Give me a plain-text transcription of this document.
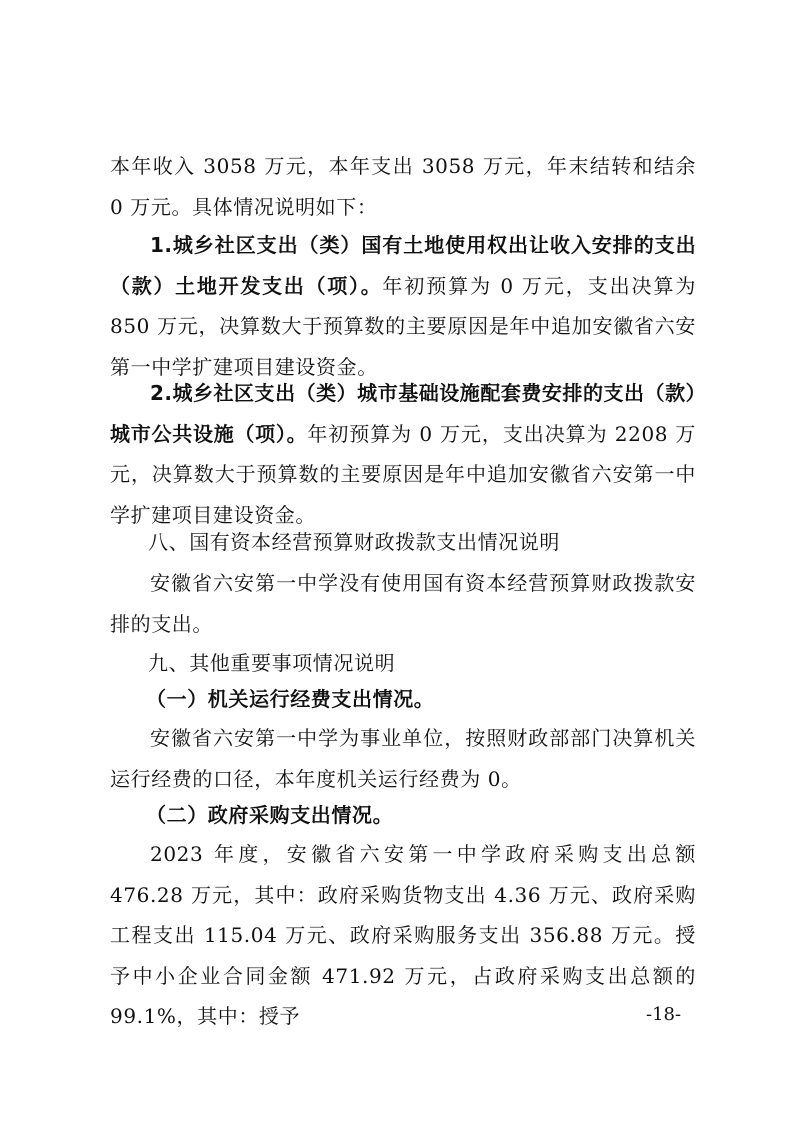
本年收入 3058 万元，本年支出 3058 万元，年末结转和结余 0 万元。具体情况说明如下：

1.城乡社区支出（类）国有土地使用权出让收入安排的支出（款）土地开发支出（项）。年初预算为 0 万元，支出决算为 850 万元，决算数大于预算数的主要原因是年中追加安徽省六安第一中学扩建项目建设资金。

2.城乡社区支出（类）城市基础设施配套费安排的支出（款）城市公共设施（项）。年初预算为 0 万元，支出决算为 2208 万元，决算数大于预算数的主要原因是年中追加安徽省六安第一中学扩建项目建设资金。

八、国有资本经营预算财政拨款支出情况说明

安徽省六安第一中学没有使用国有资本经营预算财政拨款安排的支出。

九、其他重要事项情况说明

（一）机关运行经费支出情况。

安徽省六安第一中学为事业单位，按照财政部部门决算机关运行经费的口径，本年度机关运行经费为 0。

（二）政府采购支出情况。

2023 年度，安徽省六安第一中学政府采购支出总额 476.28 万元，其中：政府采购货物支出 4.36 万元、政府采购工程支出 115.04 万元、政府采购服务支出 356.88 万元。授予中小企业合同金额 471.92 万元，占政府采购支出总额的 99.1%，其中：授予	-18-
